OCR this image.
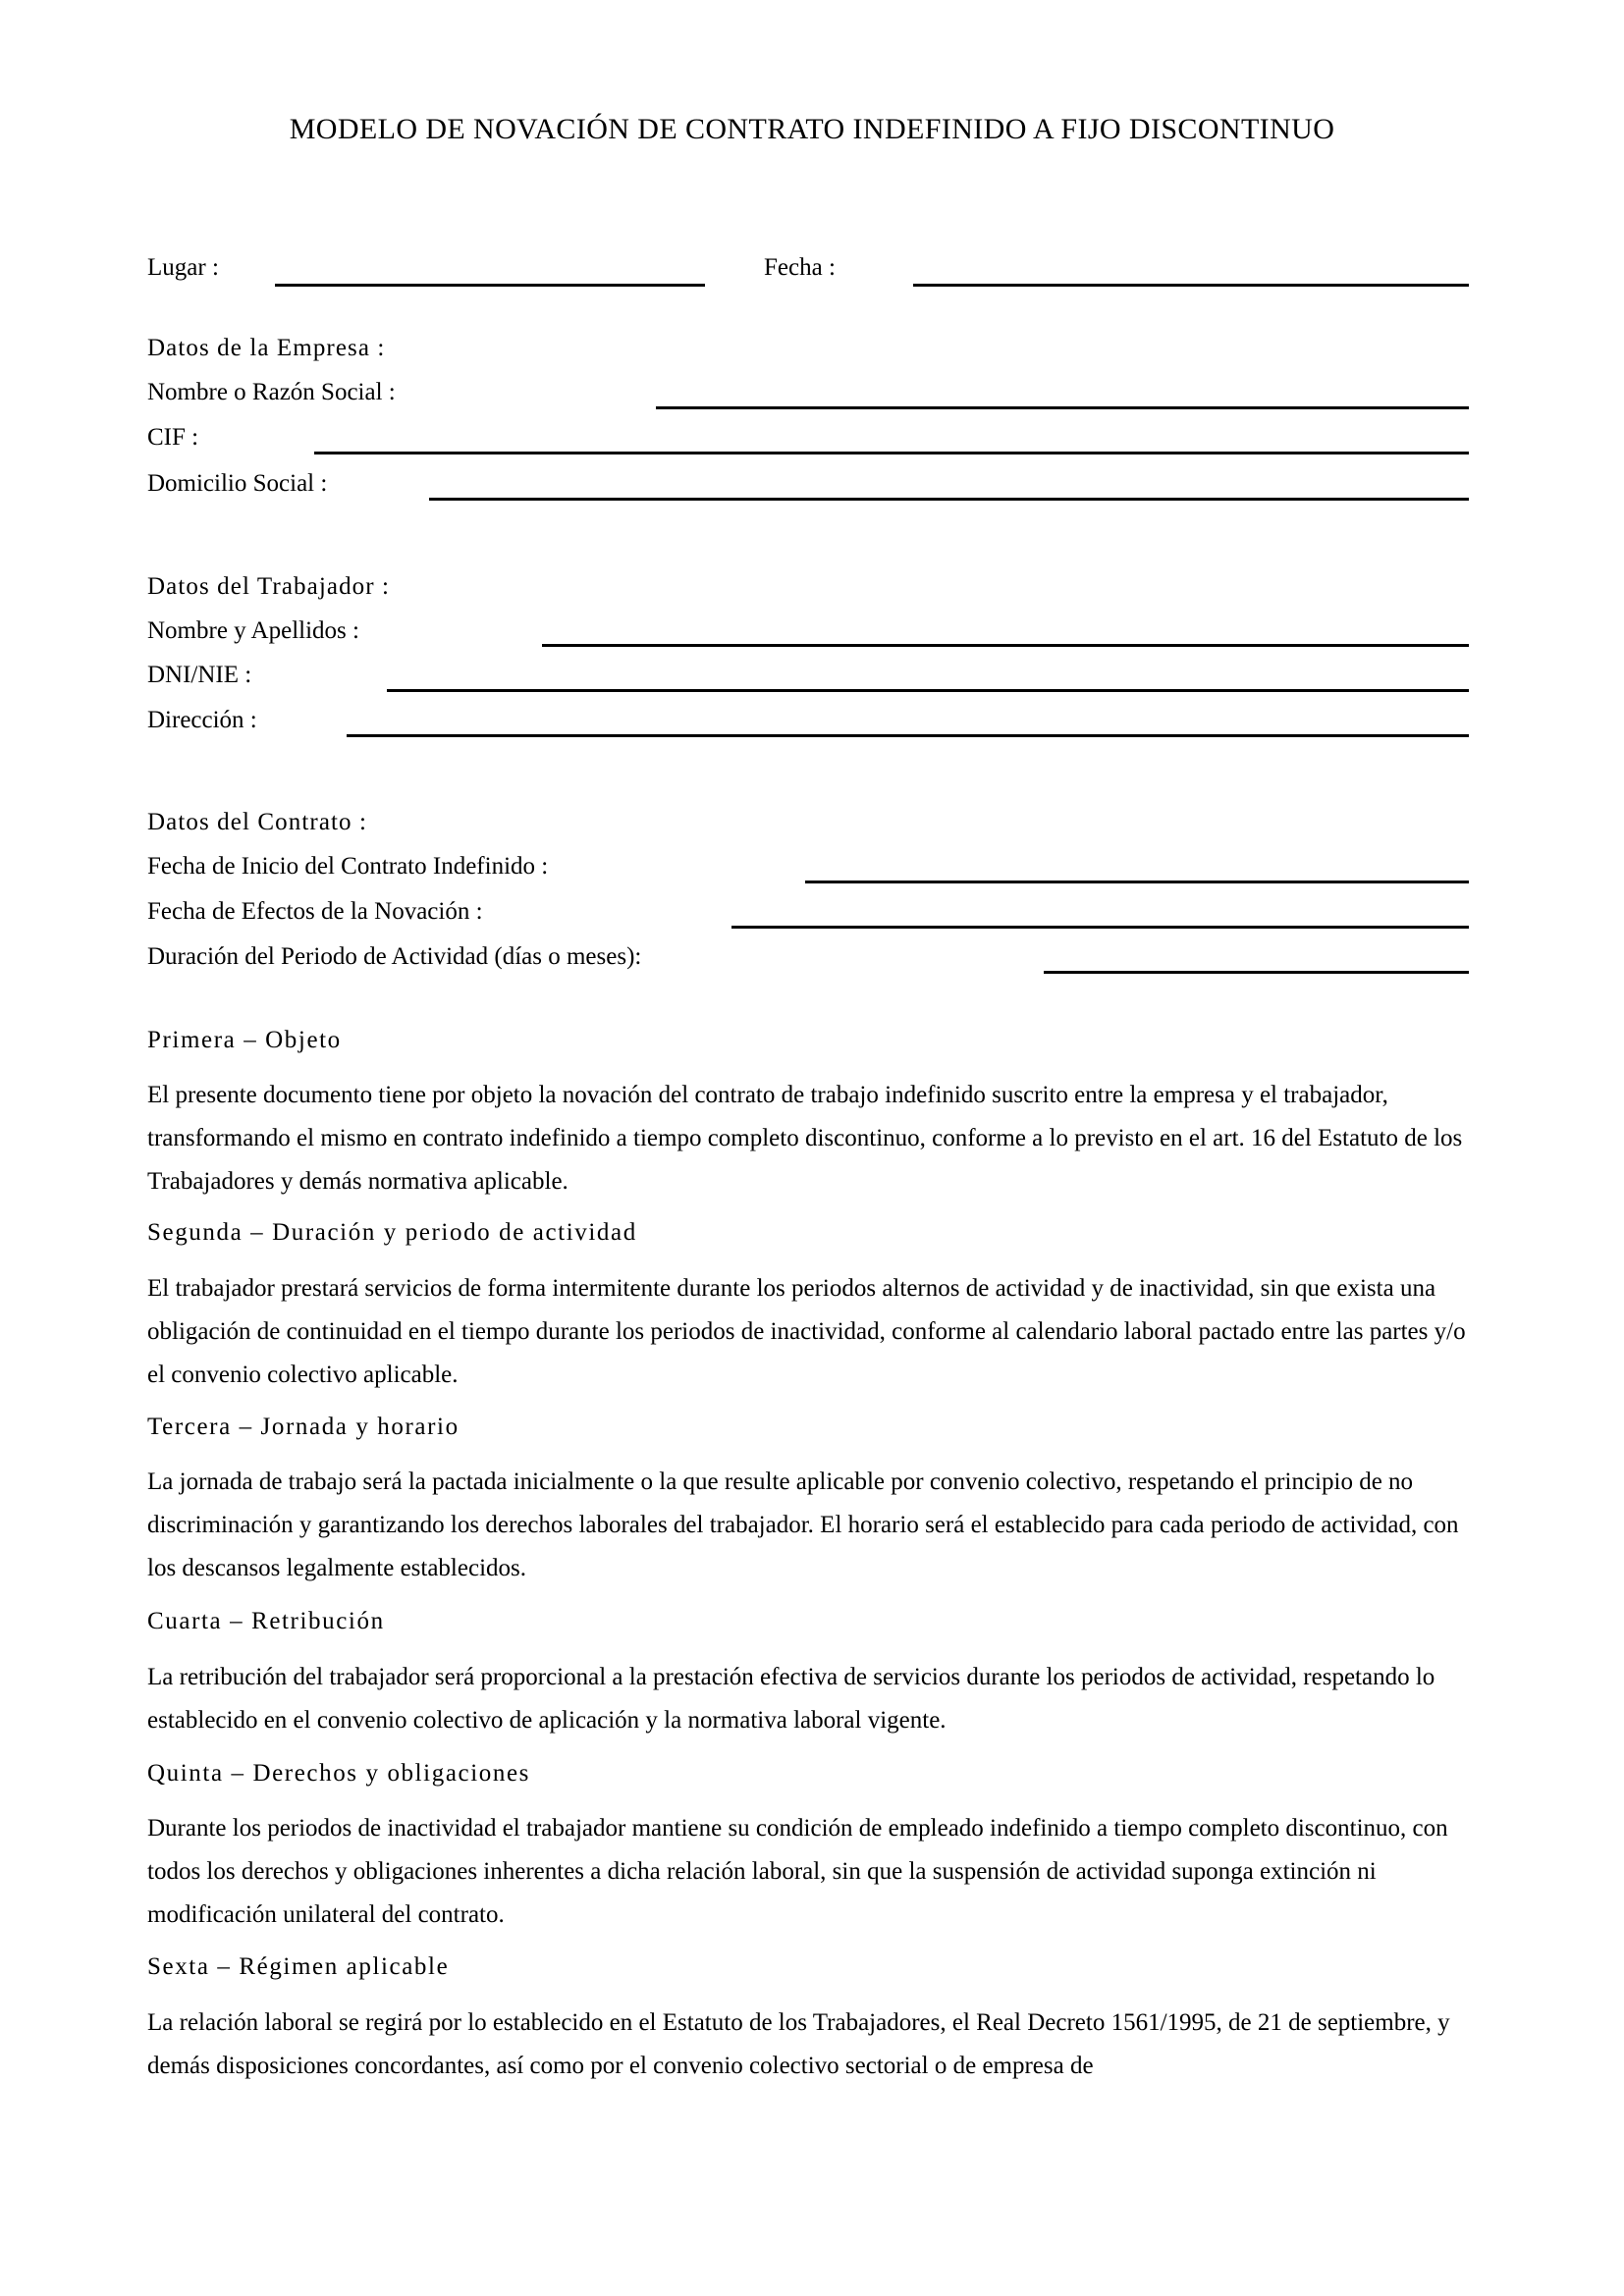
MODELO DE NOVACIÓN DE CONTRATO INDEFINIDO A FIJO DISCONTINUO
Lugar :	Fecha :
Datos de la Empresa :
Nombre o Razón Social :
CIF :
Domicilio Social :
Datos del Trabajador :
Nombre y Apellidos :
DNI/NIE :
Dirección :
Datos del Contrato :
Fecha de Inicio del Contrato Indefinido :
Fecha de Efectos de la Novación :
Duración del Periodo de Actividad (días o meses):
Primera – Objeto
El presente documento tiene por objeto la novación del contrato de trabajo indefinido suscrito entre la empresa y el trabajador, transformando el mismo en contrato indefinido a tiempo completo discontinuo, conforme a lo previsto en el art. 16 del Estatuto de los Trabajadores y demás normativa aplicable.
Segunda – Duración y periodo de actividad
El trabajador prestará servicios de forma intermitente durante los periodos alternos de actividad y de inactividad, sin que exista una obligación de continuidad en el tiempo durante los periodos de inactividad, conforme al calendario laboral pactado entre las partes y/o el convenio colectivo aplicable.
Tercera – Jornada y horario
La jornada de trabajo será la pactada inicialmente o la que resulte aplicable por convenio colectivo, respetando el principio de no discriminación y garantizando los derechos laborales del trabajador. El horario será el establecido para cada periodo de actividad, con los descansos legalmente establecidos.
Cuarta – Retribución
La retribución del trabajador será proporcional a la prestación efectiva de servicios durante los periodos de actividad, respetando lo establecido en el convenio colectivo de aplicación y la normativa laboral vigente.
Quinta – Derechos y obligaciones
Durante los periodos de inactividad el trabajador mantiene su condición de empleado indefinido a tiempo completo discontinuo, con todos los derechos y obligaciones inherentes a dicha relación laboral, sin que la suspensión de actividad suponga extinción ni modificación unilateral del contrato.
Sexta – Régimen aplicable
La relación laboral se regirá por lo establecido en el Estatuto de los Trabajadores, el Real Decreto 1561/1995, de 21 de septiembre, y demás disposiciones concordantes, así como por el convenio colectivo sectorial o de empresa de
